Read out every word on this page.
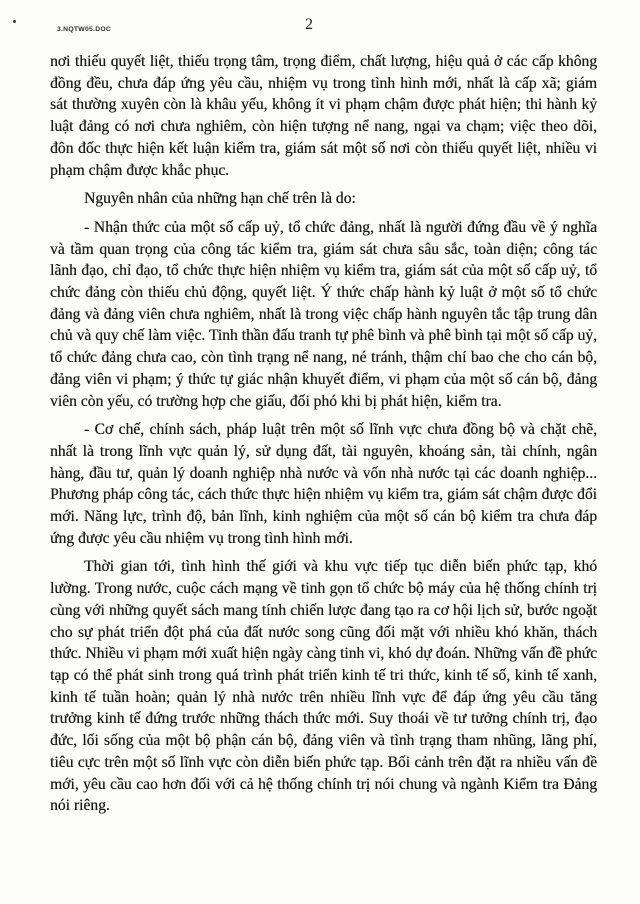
3.NQTW05.DOC	2

nơi thiếu quyết liệt, thiếu trọng tâm, trọng điểm, chất lượng, hiệu quả ở các cấp không đồng đều, chưa đáp ứng yêu cầu, nhiệm vụ trong tình hình mới, nhất là cấp xã; giám sát thường xuyên còn là khâu yếu, không ít vi phạm chậm được phát hiện; thi hành kỷ luật đảng có nơi chưa nghiêm, còn hiện tượng nể nang, ngại va chạm; việc theo dõi, đôn đốc thực hiện kết luận kiểm tra, giám sát một số nơi còn thiếu quyết liệt, nhiều vi phạm chậm được khắc phục.

Nguyên nhân của những hạn chế trên là do:

- Nhận thức của một số cấp uỷ, tổ chức đảng, nhất là người đứng đầu về ý nghĩa và tầm quan trọng của công tác kiểm tra, giám sát chưa sâu sắc, toàn diện; công tác lãnh đạo, chỉ đạo, tổ chức thực hiện nhiệm vụ kiểm tra, giám sát của một số cấp uỷ, tổ chức đảng còn thiếu chủ động, quyết liệt. Ý thức chấp hành kỷ luật ở một số tổ chức đảng và đảng viên chưa nghiêm, nhất là trong việc chấp hành nguyên tắc tập trung dân chủ và quy chế làm việc. Tinh thần đấu tranh tự phê bình và phê bình tại một số cấp uỷ, tổ chức đảng chưa cao, còn tình trạng nể nang, né tránh, thậm chí bao che cho cán bộ, đảng viên vi phạm; ý thức tự giác nhận khuyết điểm, vi phạm của một số cán bộ, đảng viên còn yếu, có trường hợp che giấu, đối phó khi bị phát hiện, kiểm tra.

- Cơ chế, chính sách, pháp luật trên một số lĩnh vực chưa đồng bộ và chặt chẽ, nhất là trong lĩnh vực quản lý, sử dụng đất, tài nguyên, khoáng sản, tài chính, ngân hàng, đầu tư, quản lý doanh nghiệp nhà nước và vốn nhà nước tại các doanh nghiệp... Phương pháp công tác, cách thức thực hiện nhiệm vụ kiểm tra, giám sát chậm được đổi mới. Năng lực, trình độ, bản lĩnh, kinh nghiệm của một số cán bộ kiểm tra chưa đáp ứng được yêu cầu nhiệm vụ trong tình hình mới.

Thời gian tới, tình hình thế giới và khu vực tiếp tục diễn biến phức tạp, khó lường. Trong nước, cuộc cách mạng về tinh gọn tổ chức bộ máy của hệ thống chính trị cùng với những quyết sách mang tính chiến lược đang tạo ra cơ hội lịch sử, bước ngoặt cho sự phát triển đột phá của đất nước song cũng đối mặt với nhiều khó khăn, thách thức. Nhiều vi phạm mới xuất hiện ngày càng tinh vi, khó dự đoán. Những vấn đề phức tạp có thể phát sinh trong quá trình phát triển kinh tế tri thức, kinh tế số, kinh tế xanh, kinh tế tuần hoàn; quản lý nhà nước trên nhiều lĩnh vực để đáp ứng yêu cầu tăng trưởng kinh tế đứng trước những thách thức mới. Suy thoái về tư tưởng chính trị, đạo đức, lối sống của một bộ phận cán bộ, đảng viên và tình trạng tham nhũng, lãng phí, tiêu cực trên một số lĩnh vực còn diễn biến phức tạp. Bối cảnh trên đặt ra nhiều vấn đề mới, yêu cầu cao hơn đối với cả hệ thống chính trị nói chung và ngành Kiểm tra Đảng nói riêng.
